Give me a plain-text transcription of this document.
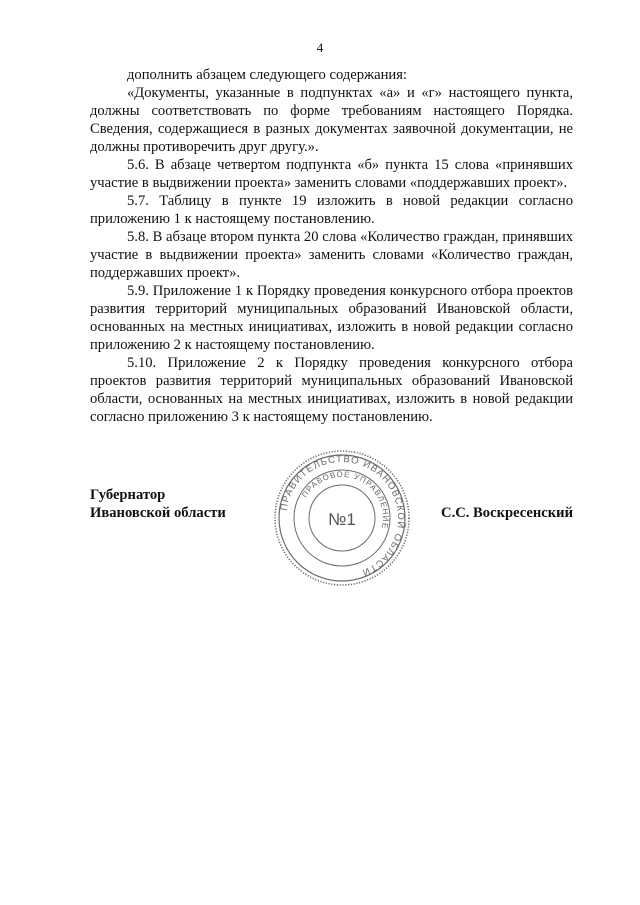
4

дополнить абзацем следующего содержания:

«Документы, указанные в подпунктах «а» и «г» настоящего пункта, должны соответствовать по форме требованиям настоящего Порядка. Сведения, содержащиеся в разных документах заявочной документации, не должны противоречить друг другу.».

5.6. В абзаце четвертом подпункта «б» пункта 15 слова «принявших участие в выдвижении проекта» заменить словами «поддержавших проект».

5.7. Таблицу в пункте 19 изложить в новой редакции согласно приложению 1 к настоящему постановлению.

5.8. В абзаце втором пункта 20 слова «Количество граждан, принявших участие в выдвижении проекта» заменить словами «Количество граждан, поддержавших проект».

5.9. Приложение 1 к Порядку проведения конкурсного отбора проектов развития территорий муниципальных образований Ивановской области, основанных на местных инициативах, изложить в новой редакции согласно приложению 2 к настоящему постановлению.

5.10. Приложение 2 к Порядку проведения конкурсного отбора проектов развития территорий муниципальных образований Ивановской области, основанных на местных инициативах, изложить в новой редакции согласно приложению 3 к настоящему постановлению.

Губернатор
Ивановской области	ПРАВИТЕЛЬСТВО ИВАНОВСКОЙ ОБЛАСТИ
ПРАВОВОЕ УПРАВЛЕНИЕ
№1	С.С. Воскресенский
